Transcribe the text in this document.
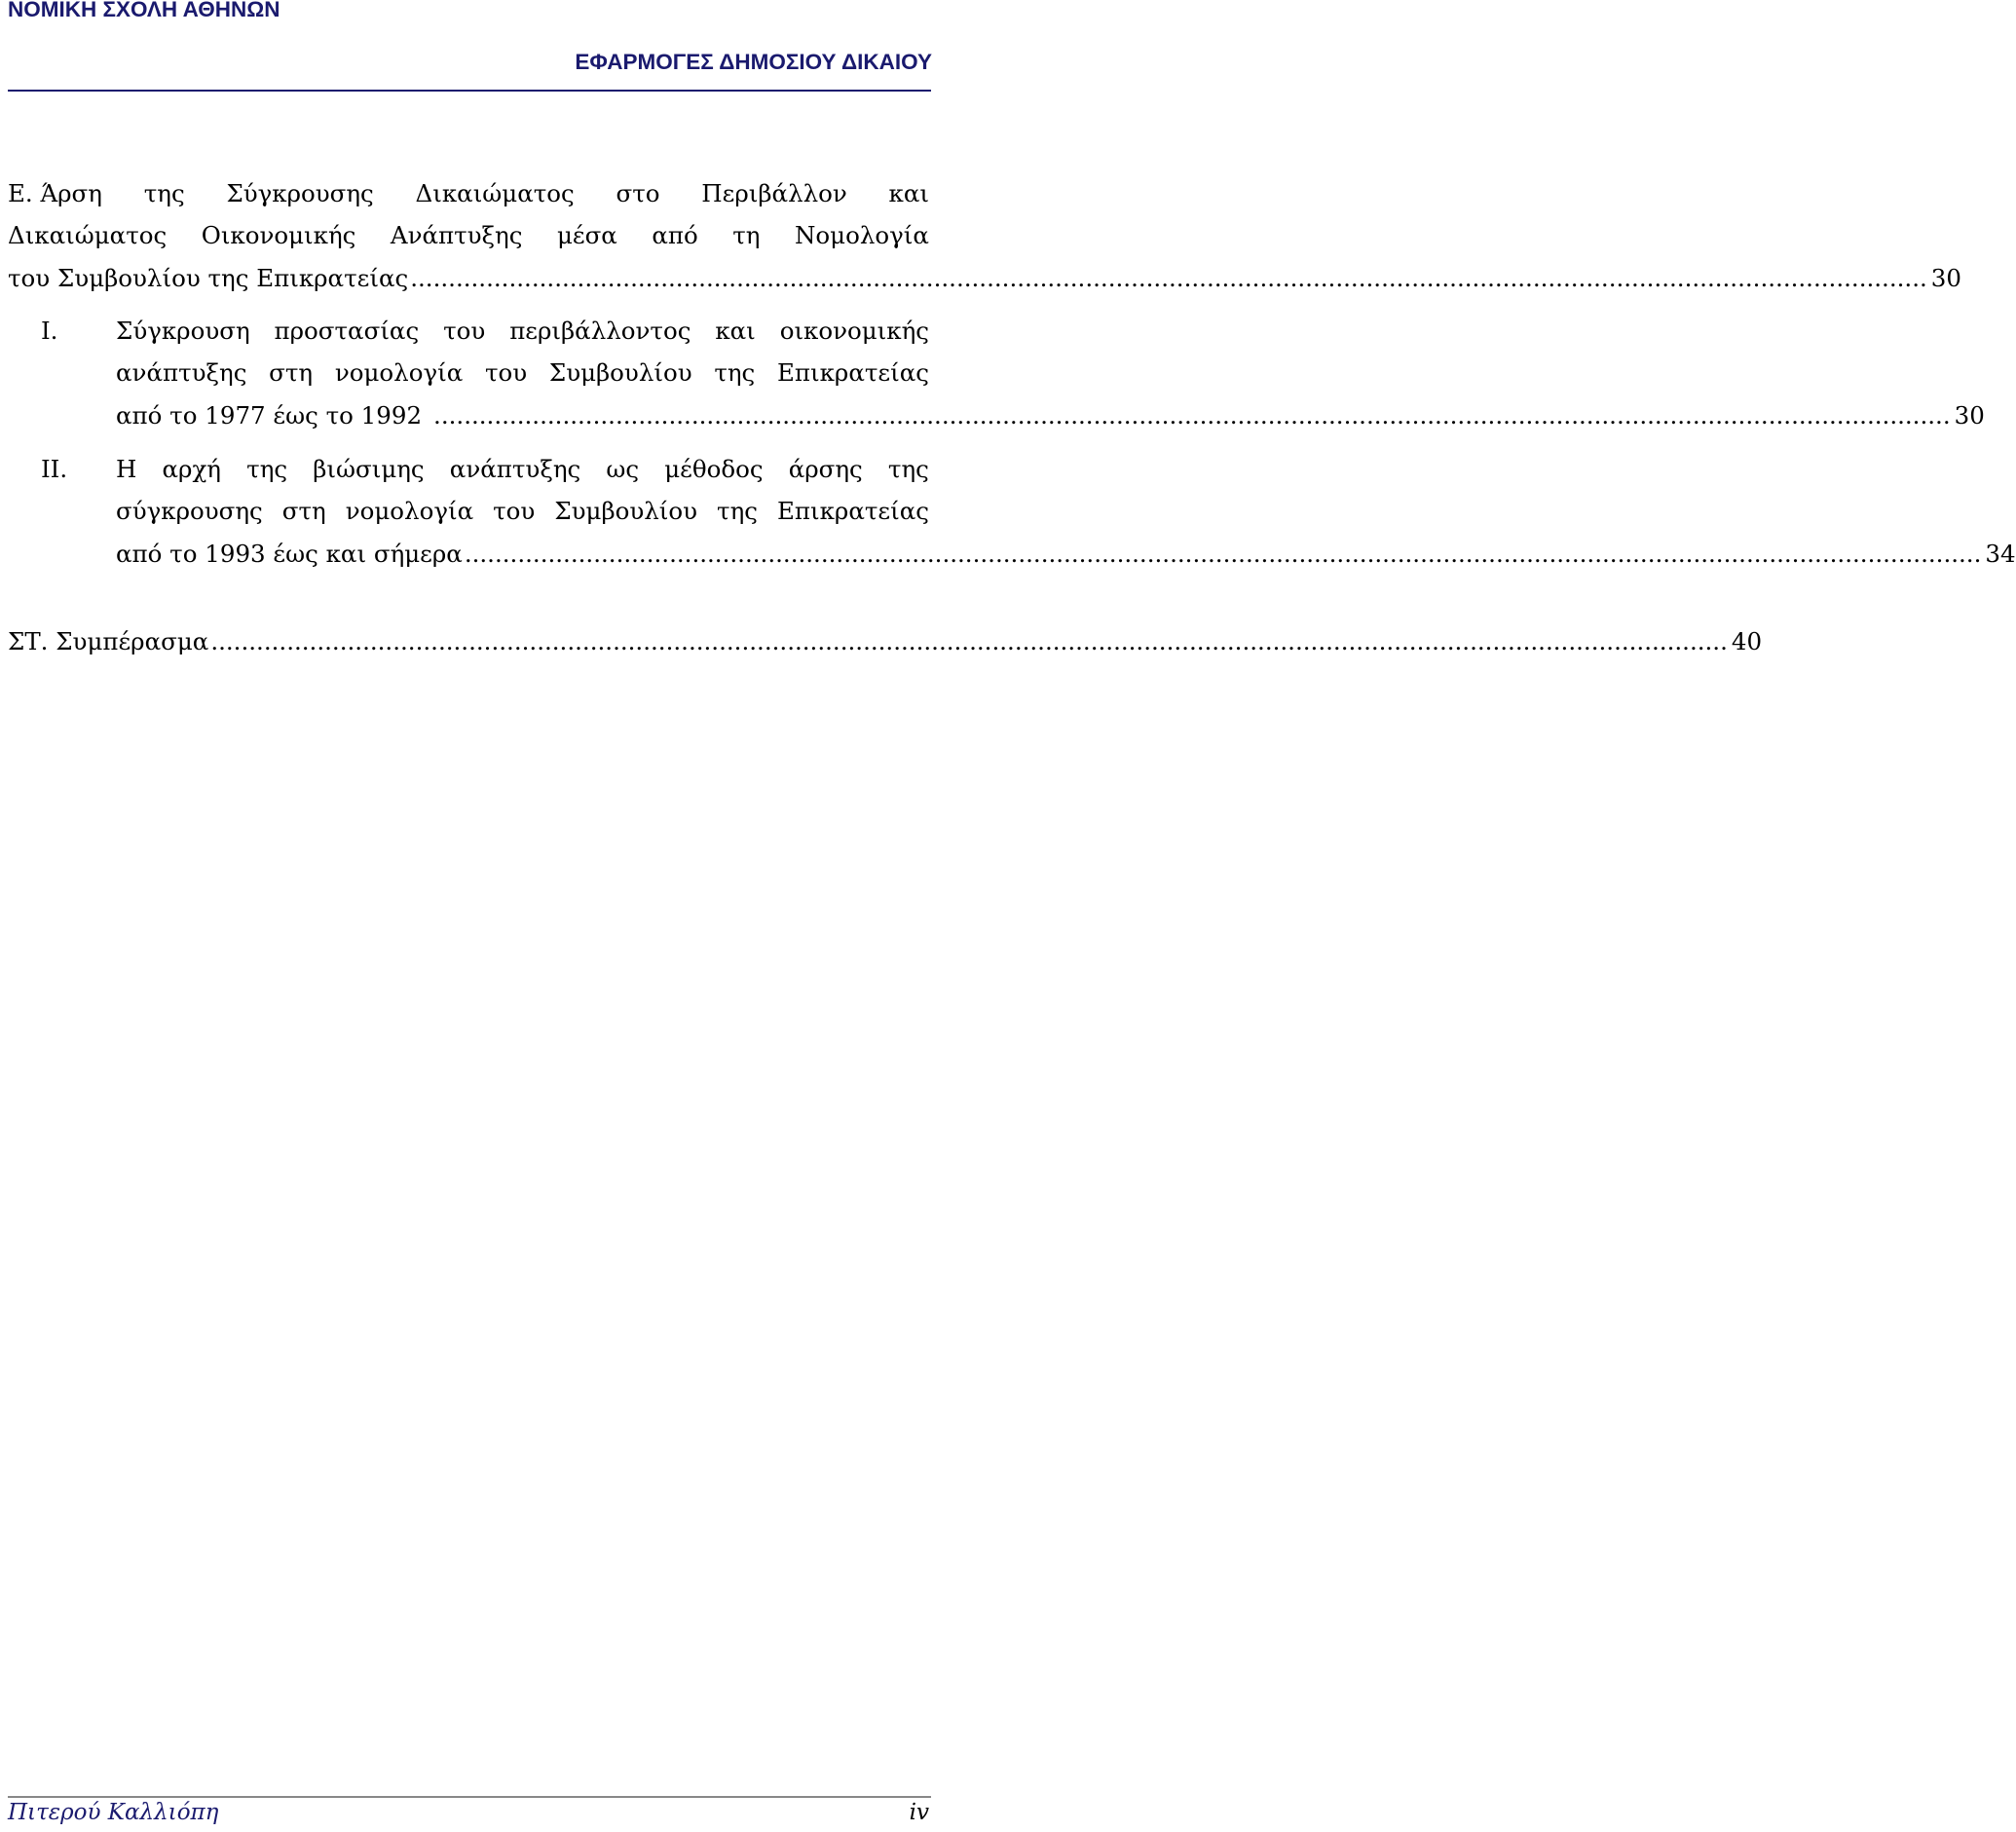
ΝΟΜΙΚΗ ΣΧΟΛΗ ΑΘΗΝΩΝ
ΕΦΑΡΜΟΓΕΣ ΔΗΜΟΣΙΟΥ ΔΙΚΑΙΟΥ
Ε. Άρση της Σύγκρουσης Δικαιώματος στο Περιβάλλον και
Δικαιώματος Οικονομικής Ανάπτυξης μέσα από τη Νομολογία
του Συμβουλίου της Επικρατείας ........................................................................................................................................................................................................ 30
Ι. Σύγκρουση προστασίας του περιβάλλοντος και οικονομικής
ανάπτυξης στη νομολογία του Συμβουλίου της Επικρατείας
από το 1977 έως το 1992 ........................................................................................................................................................................................................ 30
ΙΙ. Η αρχή της βιώσιμης ανάπτυξης ως μέθοδος άρσης της
σύγκρουσης στη νομολογία του Συμβουλίου της Επικρατείας
από το 1993 έως και σήμερα ........................................................................................................................................................................................................ 34
ΣΤ. Συμπέρασμα ........................................................................................................................................................................................................ 40
Πιτερού Καλλιόπη	iv
